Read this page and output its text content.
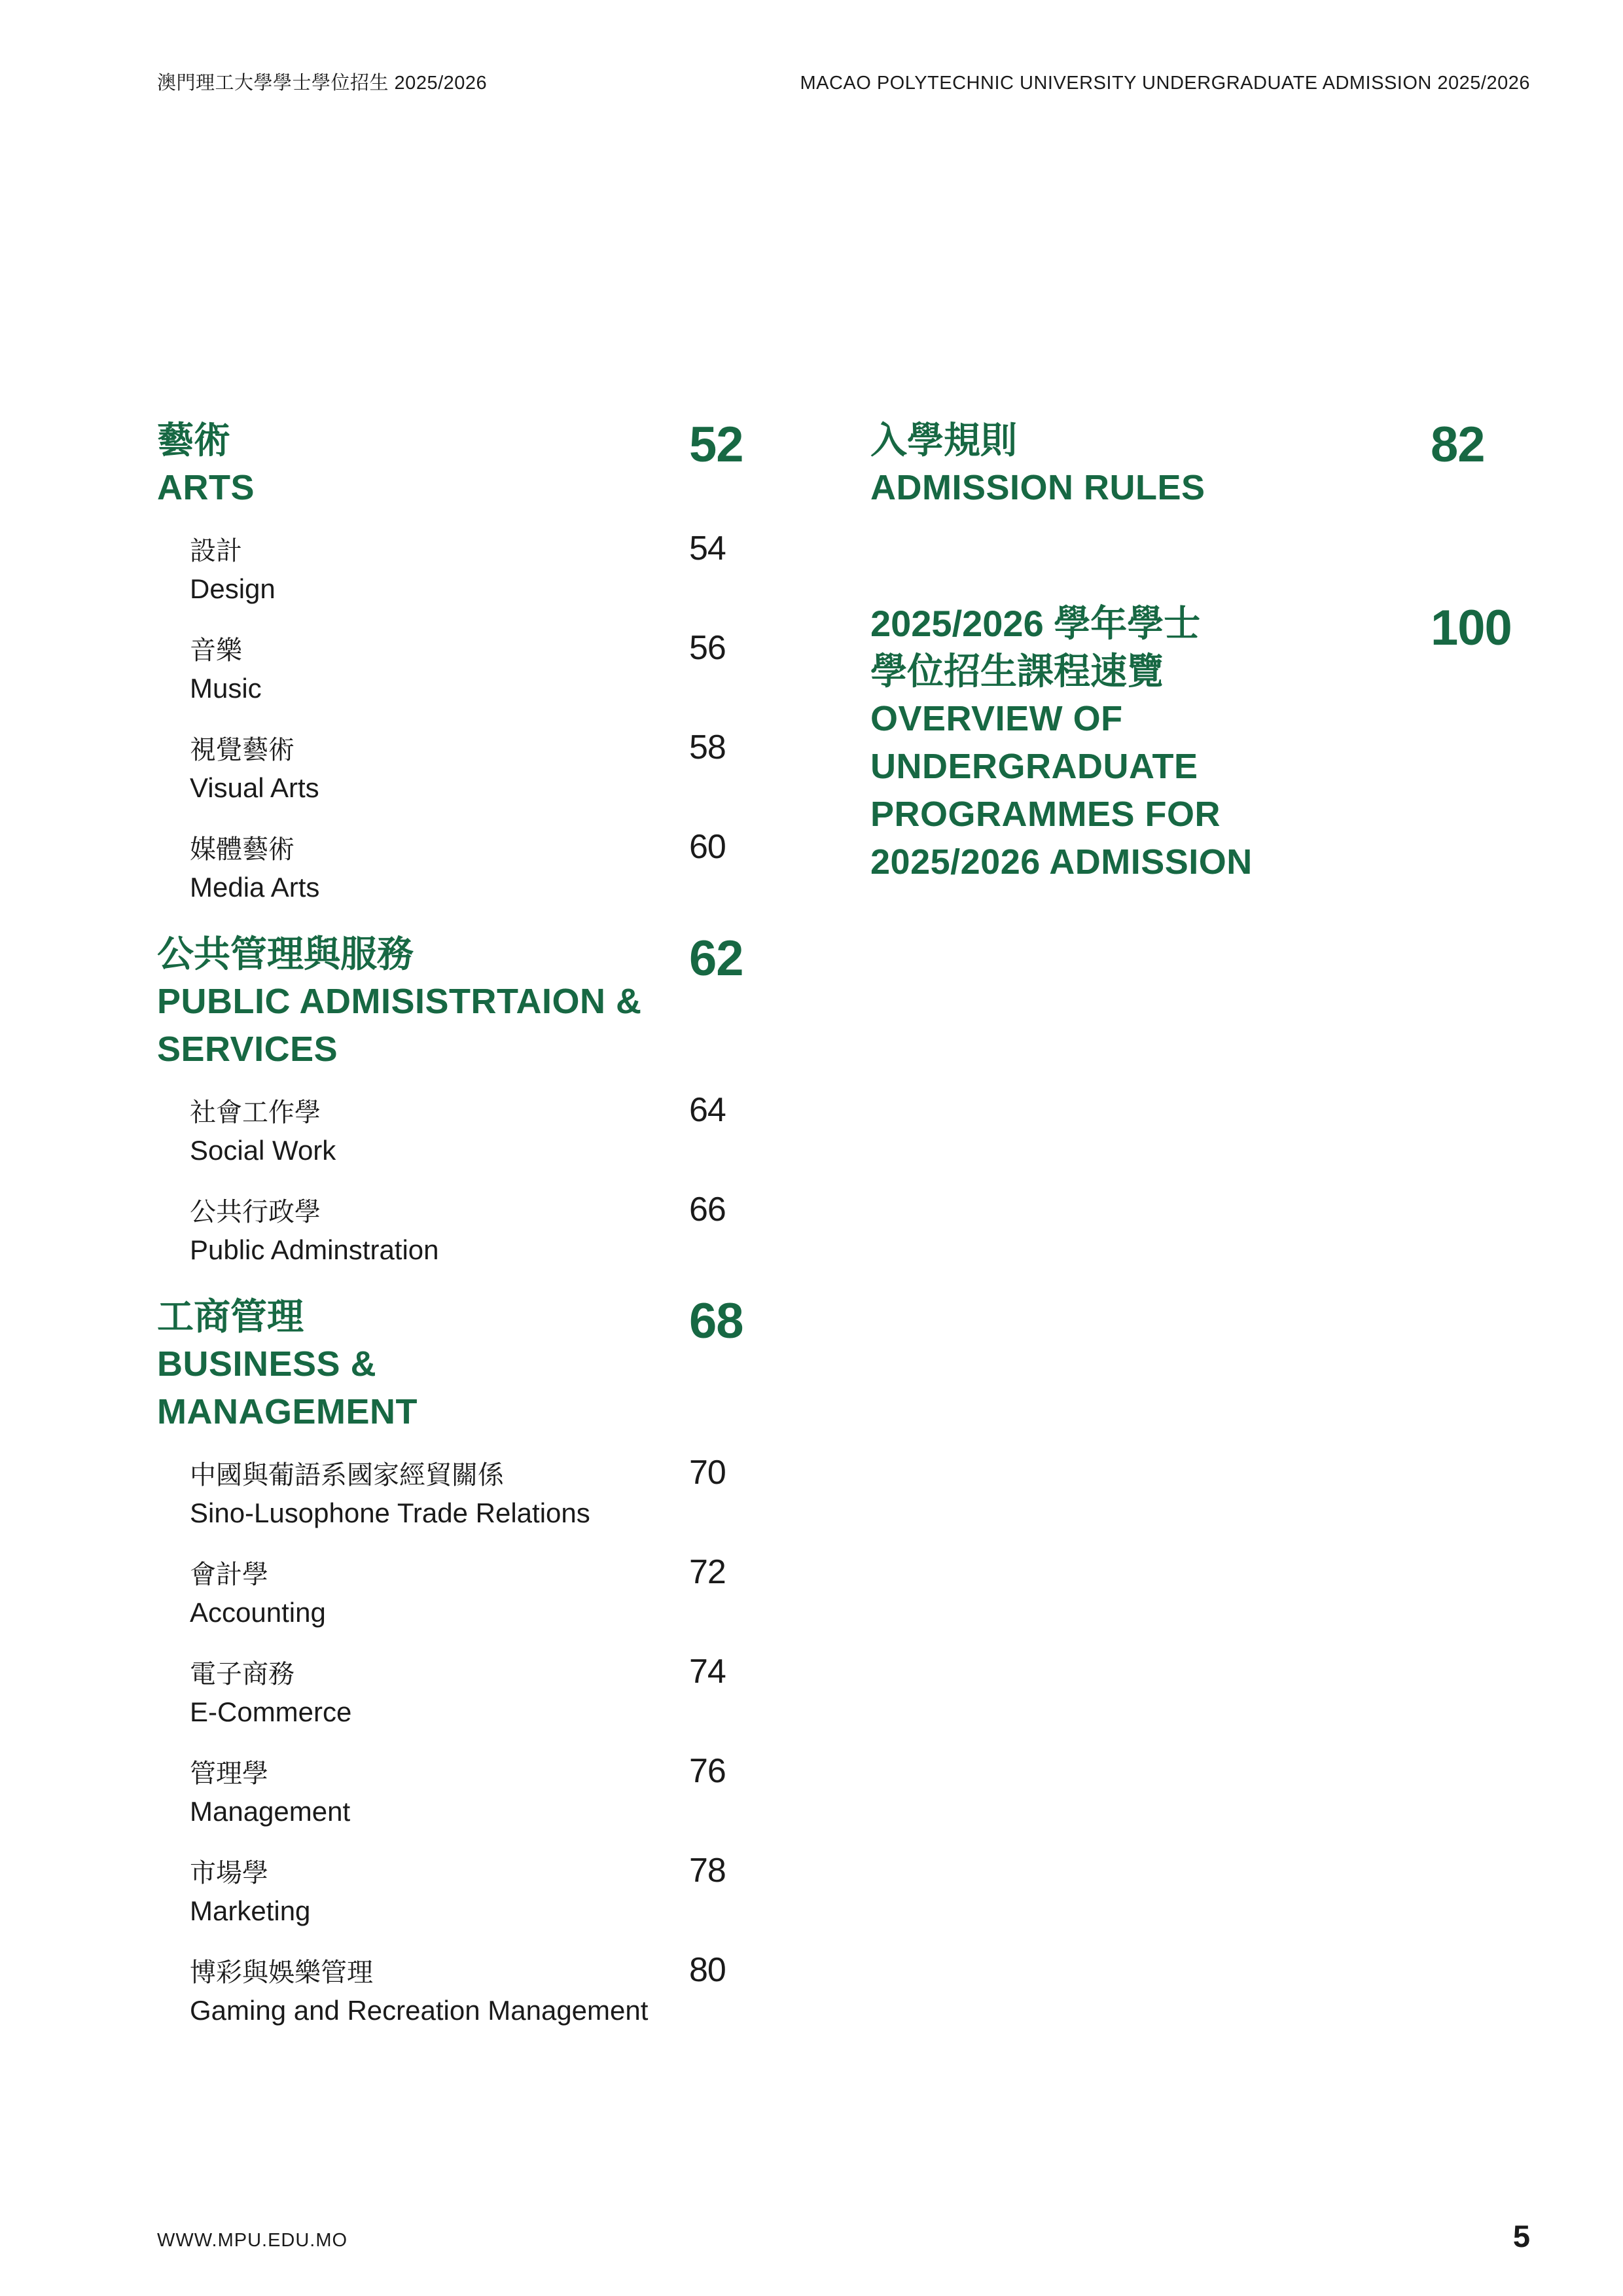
澳門理工大學學士學位招生 2025/2026	MACAO POLYTECHNIC UNIVERSITY UNDERGRADUATE ADMISSION 2025/2026
52
藝術
ARTS
54
設計
Design
56
音樂
Music
58
視覺藝術
Visual Arts
60
媒體藝術
Media Arts
62
公共管理與服務
PUBLIC ADMISISTRTAION &
SERVICES
64
社會工作學
Social Work
66
公共行政學
Public Adminstration
68
工商管理
BUSINESS &
MANAGEMENT
70
中國與葡語系國家經貿關係
Sino-Lusophone Trade Relations
72
會計學
Accounting
74
電子商務
E-Commerce
76
管理學
Management
78
市場學
Marketing
80
博彩與娛樂管理
Gaming and Recreation Management
82
入學規則
ADMISSION RULES
100
2025/2026 學年學士
學位招生課程速覽
OVERVIEW OF
UNDERGRADUATE
PROGRAMMES FOR
2025/2026 ADMISSION
WWW.MPU.EDU.MO	5
